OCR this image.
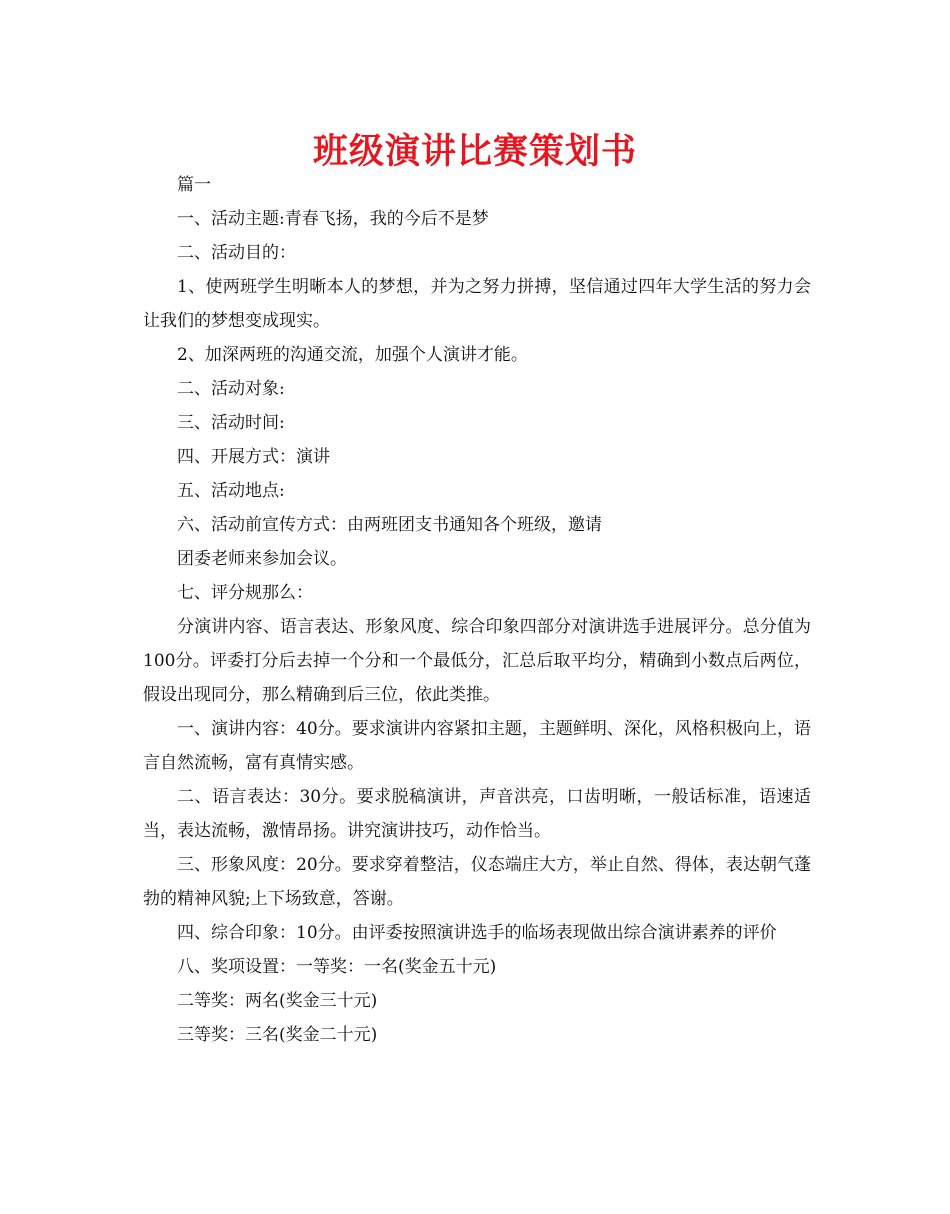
班级演讲比赛策划书

篇一

一、活动主题:青春飞扬，我的今后不是梦

二、活动目的：

1、使两班学生明晰本人的梦想，并为之努力拼搏，坚信通过四年大学生活的努力会让我们的梦想变成现实。

2、加深两班的沟通交流，加强个人演讲才能。

二、活动对象:

三、活动时间:

四、开展方式：演讲

五、活动地点:

六、活动前宣传方式：由两班团支书通知各个班级，邀请

团委老师来参加会议。

七、评分规那么：

分演讲内容、语言表达、形象风度、综合印象四部分对演讲选手进展评分。总分值为100分。评委打分后去掉一个分和一个最低分，汇总后取平均分，精确到小数点后两位，假设出现同分，那么精确到后三位，依此类推。

一、演讲内容：40分。要求演讲内容紧扣主题，主题鲜明、深化，风格积极向上，语言自然流畅，富有真情实感。

二、语言表达：30分。要求脱稿演讲，声音洪亮，口齿明晰，一般话标准，语速适当，表达流畅，激情昂扬。讲究演讲技巧，动作恰当。

三、形象风度：20分。要求穿着整洁，仪态端庄大方，举止自然、得体，表达朝气蓬勃的精神风貌;上下场致意，答谢。

四、综合印象：10分。由评委按照演讲选手的临场表现做出综合演讲素养的评价

八、奖项设置：一等奖：一名(奖金五十元)

二等奖：两名(奖金三十元)

三等奖：三名(奖金二十元)
